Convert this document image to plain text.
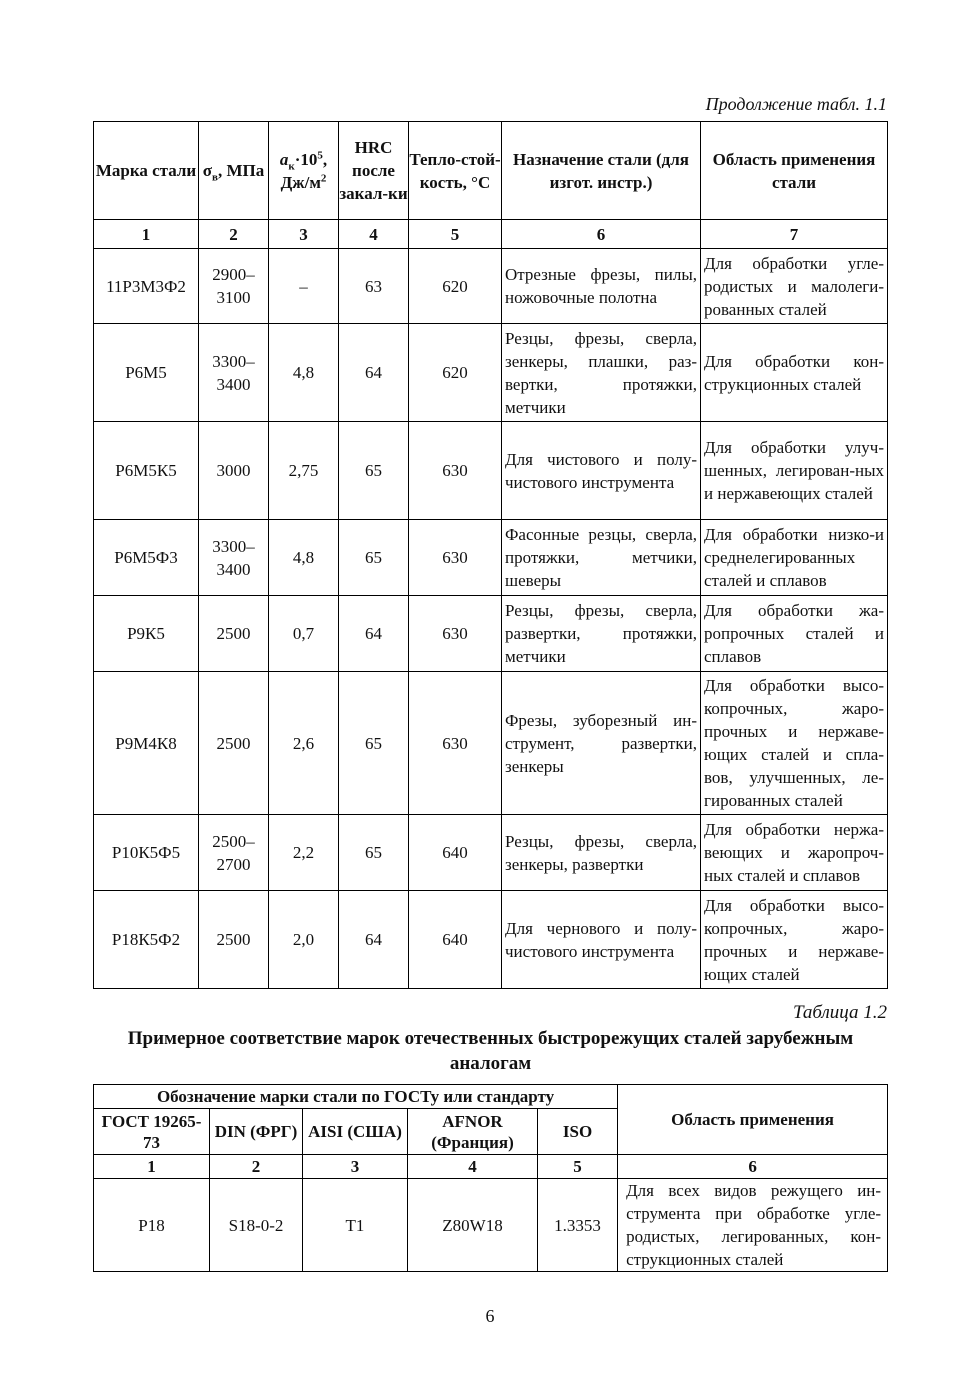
Продолжение табл. 1.1
Марка стали	$\sigma_в$, МПа	$a_к\cdot 10^5$, $Дж/м^2$	HRC после закал-ки	Тепло-стой-кость, °С	Назначение стали (для изгот. инстр.)	Область применения стали
1	2	3	4	5	6	7
11Р3М3Ф2	2900–3100	–	63	620	Отрезные фрезы, пилы, ножовочные полотна	Для обработки угле-родистых и малолеги-рованных сталей
Р6М5	3300–3400	4,8	64	620	Резцы, фрезы, сверла, зенкеры, плашки, раз-вертки, протяжки, метчики	Для обработки кон-струкционных сталей
Р6М5К5	3000	2,75	65	630	Для чистового и полу-чистового инструмента	Для обработки улуч-шенных, легирован-ных и нержавеющих сталей
Р6М5Ф3	3300–3400	4,8	65	630	Фасонные резцы, сверла, протяжки, метчики, шеверы	Для обработки низко-и среднелегированных сталей и сплавов
Р9К5	2500	0,7	64	630	Резцы, фрезы, сверла, развертки, протяжки, метчики	Для обработки жа-ропрочных сталей и сплавов
Р9М4К8	2500	2,6	65	630	Фрезы, зуборезный ин-струмент, развертки, зенкеры	Для обработки высо-копрочных, жаро-прочных и нержаве-ющих сталей и спла-вов, улучшенных, ле-гированных сталей
Р10К5Ф5	2500–2700	2,2	65	640	Резцы, фрезы, сверла, зенкеры, развертки	Для обработки нержа-веющих и жаропроч-ных сталей и сплавов
Р18К5Ф2	2500	2,0	64	640	Для чернового и полу-чистового инструмента	Для обработки высо-копрочных, жаро-прочных и нержаве-ющих сталей
Таблица 1.2
Примерное соответствие марок отечественных быстрорежущих сталей зарубежным аналогам
Обозначение марки стали по ГОСТу или стандарту					Область применения
ГОСТ 19265-73	DIN (ФРГ)	AISI (США)	AFNOR (Франция)	ISO	
1	2	3	4	5	6
Р18	S18-0-2	T1	Z80W18	1.3353	Для всех видов режущего ин-струмента при обработке угле-родистых, легированных, кон-струкционных сталей
6
